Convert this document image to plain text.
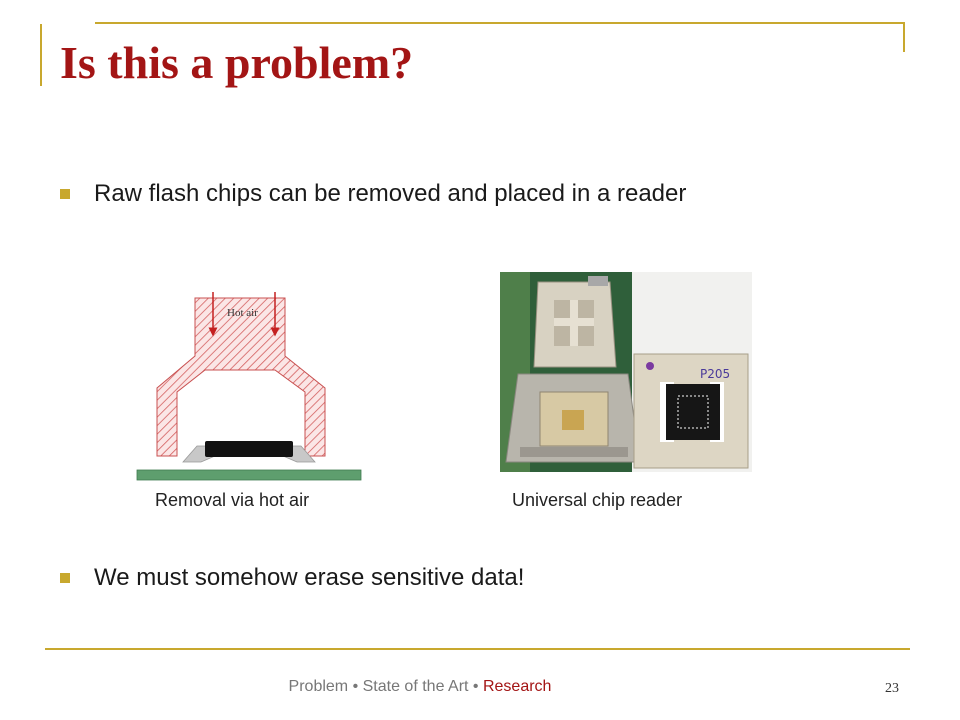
Is this a problem?
Raw flash chips can be removed and placed in a reader
Hot air
P205
Removal via hot air	Universal chip reader
We must somehow erase sensitive data!
Problem • State of the Art • Research	23
